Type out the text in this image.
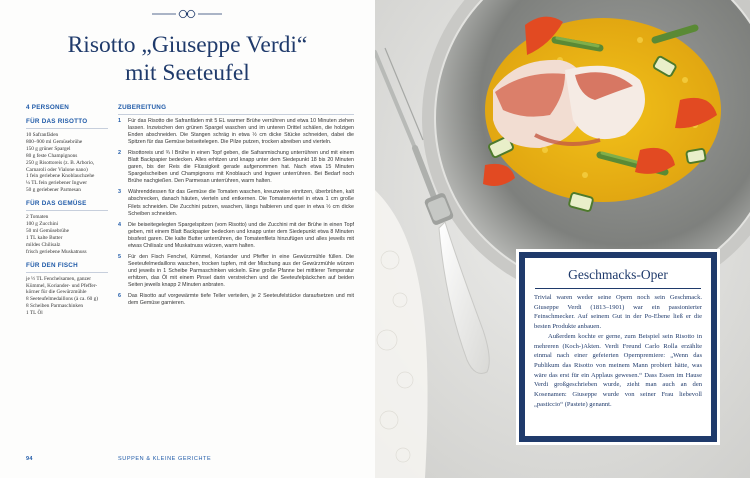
Risotto „Giuseppe Verdi“
mit Seeteufel
4 PERSONEN
FÜR DAS RISOTTO
10 Safranfäden
800–900 ml Gemüsebrühe
150 g grüner Spargel
80 g feste Champignons
250 g Risottoreis (z. B. Arborio,
Carnaroli oder Vialone nano)
1 fein geriebene Knoblauchzehe
¼ TL fein geriebener Ingwer
50 g geriebener Parmesan
FÜR DAS GEMÜSE
2 Tomaten
100 g Zucchini
50 ml Gemüsebrühe
1 TL kalte Butter
mildes Chilisalz
frisch geriebene Muskatnuss
FÜR DEN FISCH
je ½ TL Fenchelsamen, ganzer
Kümmel, Koriander- und Pfeffer-
körner für die Gewürzmühle
8 Seeteufelmedaillons (à ca. 60 g)
8 Scheiben Parmaschinken
1 TL Öl
ZUBEREITUNG
1 Für das Risotto die Safranfäden mit 5 EL warmer Brühe verrühren und etwa 10 Minuten ziehen lassen. Inzwischen den grünen Spargel waschen und im unteren Drittel schälen, die holzigen Enden abschneiden. Die Stangen schräg in etwa ½ cm dicke Stücke schneiden, dabei die Spitzen für das Gemüse beiseitelegen. Die Pilze putzen, trocken abreiben und vierteln.
2 Risottoreis und ¾ l Brühe in einen Topf geben, die Safranmischung unterrühren und mit einem Blatt Backpapier bedecken. Alles erhitzen und knapp unter dem Siedepunkt 18 bis 20 Minuten garen, bis der Reis die Flüssigkeit gerade aufgenommen hat. Nach etwa 15 Minuten Spargelscheiben und Champignons mit Knoblauch und Ingwer unterrühren. Bei Bedarf noch Brühe nachgießen. Den Parmesan unterrühren, warm halten.
3 Währenddessen für das Gemüse die Tomaten waschen, kreuzweise einritzen, überbrühen, kalt abschrecken, danach häuten, vierteln und entkernen. Die Tomatenviertel in etwa 1 cm große Filets schneiden. Die Zucchini putzen, waschen, längs halbieren und quer in etwa ½ cm dicke Scheiben schneiden.
4 Die beiseitegelegten Spargelspitzen (vom Risotto) und die Zucchini mit der Brühe in einen Topf geben, mit einem Blatt Backpapier bedecken und knapp unter dem Siedepunkt etwa 8 Minuten bissfest garen. Die kalte Butter unterrühren, die Tomatenfilets hinzufügen und alles jeweils mit etwas Chilisalz und Muskatnuss würzen, warm halten.
5 Für den Fisch Fenchel, Kümmel, Koriander und Pfeffer in eine Gewürzmühle füllen. Die Seeteufelmedaillons waschen, trocken tupfen, mit der Mischung aus der Gewürzmühle würzen und jeweils in 1 Scheibe Parmaschinken wickeln. Eine große Pfanne bei mittlerer Temperatur erhitzen, das Öl mit einem Pinsel darin verstreichen und die Seeteufelpäckchen auf beiden Seiten jeweils knapp 2 Minuten anbraten.
6 Das Risotto auf vorgewärmte tiefe Teller verteilen, je 2 Seeteufelstücke daraufsetzen und mit dem Gemüse garnieren.
94	SUPPEN & KLEINE GERICHTE
Geschmacks-Oper

Trivial waren weder seine Opern noch sein Geschmack. Giuseppe Verdi (1813–1901) war ein passionierter Feinschmecker. Auf seinem Gut in der Po-Ebene ließ er die besten Produkte anbauen.

Außerdem kochte er gerne, zum Beispiel sein Risotto in mehreren (Koch-)Akten. Verdi Freund Carlo Rolla erzählte einmal nach einer gefeierten Opernpremiere: „Wenn das Publikum das Risotto von meinem Mann probiert hätte, was wäre das erst für ein Applaus gewesen.“ Dass Essen im Hause Verdi großgeschrieben wurde, zieht man auch an den Kosenamen: Giuseppe wurde von seiner Frau liebevoll „pasticcio“ (Pastete) genannt.
